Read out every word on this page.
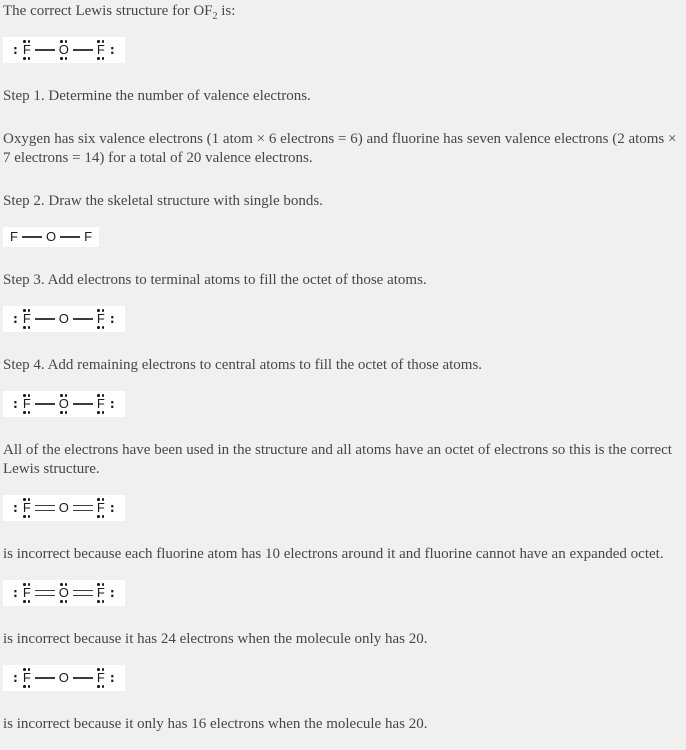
The correct Lewis structure for $OF_2$ is:

: F O F :

Step 1. Determine the number of valence electrons.

Oxygen has six valence electrons (1 atom × 6 electrons = 6) and fluorine has seven valence electrons (2 atoms × 7 electrons = 14) for a total of 20 valence electrons.

Step 2. Draw the skeletal structure with single bonds.

F O F

Step 3. Add electrons to terminal atoms to fill the octet of those atoms.

: F O F :

Step 4. Add remaining electrons to central atoms to fill the octet of those atoms.

: F O F :

All of the electrons have been used in the structure and all atoms have an octet of electrons so this is the correct Lewis structure.

: F O F :

is incorrect because each fluorine atom has 10 electrons around it and fluorine cannot have an expanded octet.

: F O F :

is incorrect because it has 24 electrons when the molecule only has 20.

: F O F :

is incorrect because it only has 16 electrons when the molecule has 20.
